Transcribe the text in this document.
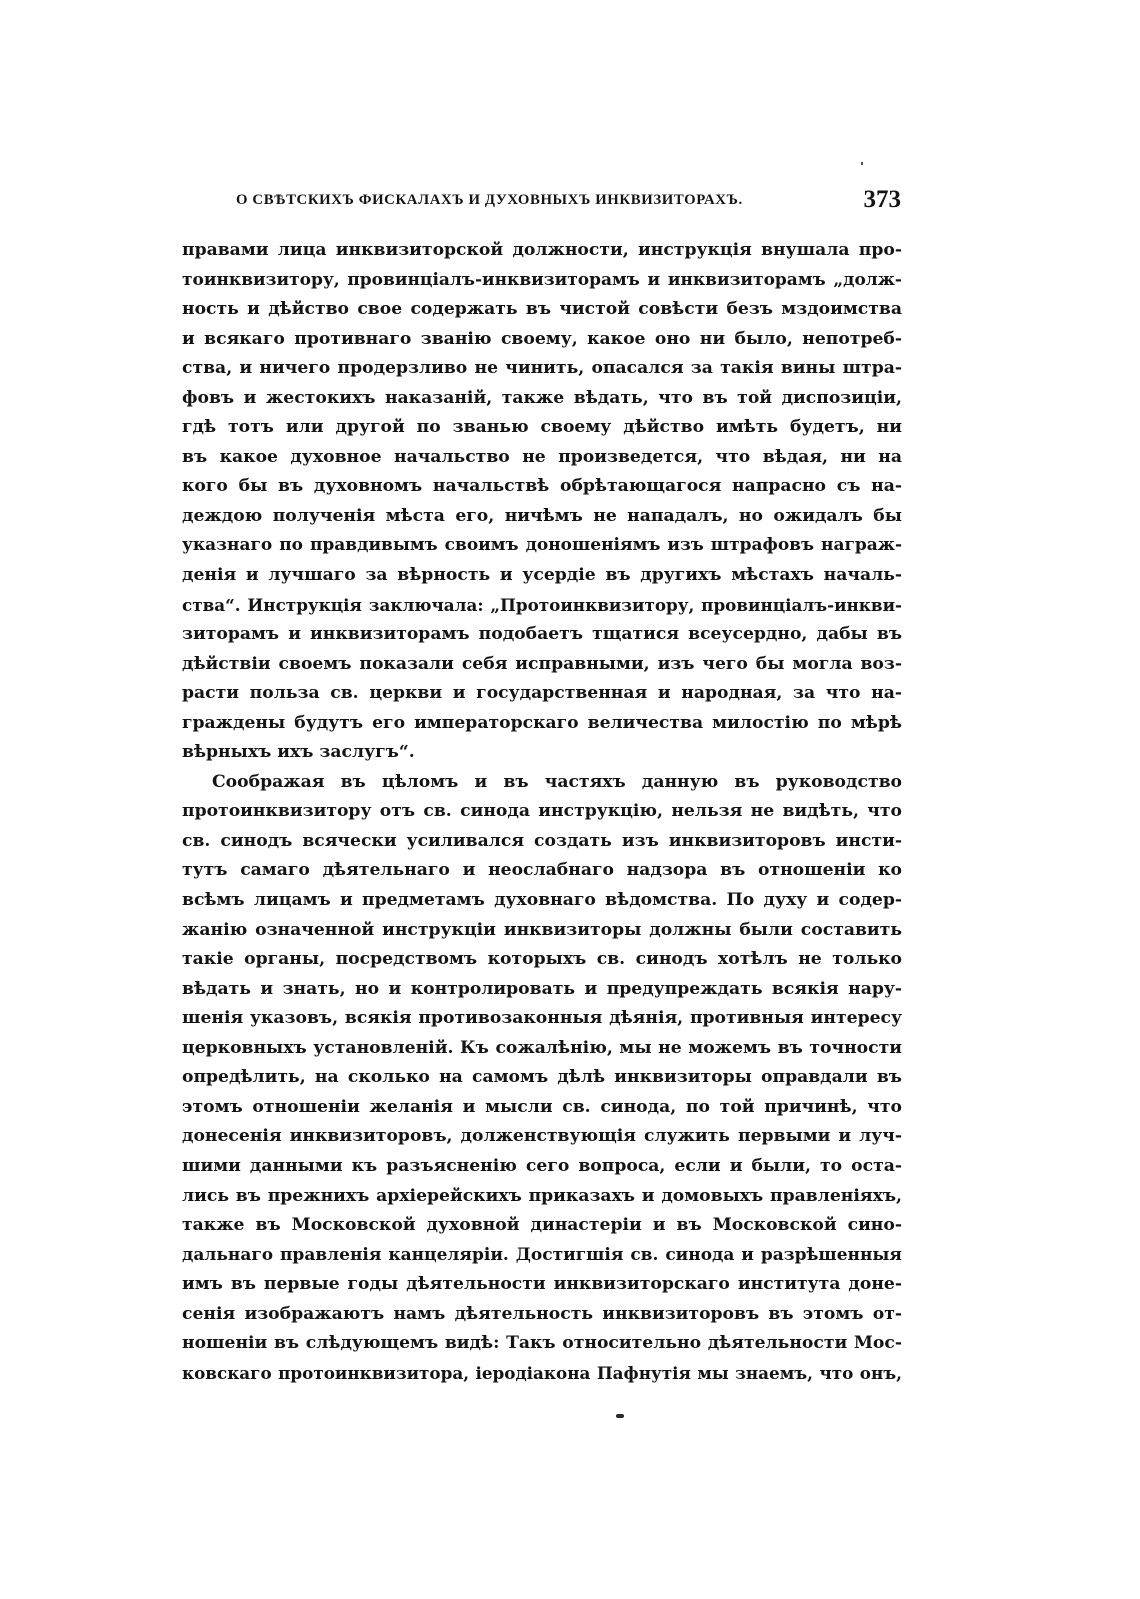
О СВѢТСКИХЪ ФИСКАЛАХЪ И ДУХОВНЫХЪ ИНКВИЗИТОРАХЪ.	373
правами лица инквизиторской должности, инструкція внушала про-
тоинквизитору, провинціалъ-инквизиторамъ и инквизиторамъ „долж-
ность и дѣйство свое содержать въ чистой совѣсти безъ мздоимства
и всякаго противнаго званію своему, какое оно ни было, непотреб-
ства, и ничего продерзливо не чинить, опасался за такія вины штра-
фовъ и жестокихъ наказаній, также вѣдать, что въ той диспозиціи,
гдѣ тотъ или другой по званью своему дѣйство имѣть будетъ, ни
въ какое духовное начальство не произведется, что вѣдая, ни на
кого бы въ духовномъ начальствѣ обрѣтающагося напрасно съ на-
деждою полученія мѣста его, ничѣмъ не нападалъ, но ожидалъ бы
указнаго по правдивымъ своимъ доношеніямъ изъ штрафовъ награж-
денія и лучшаго за вѣрность и усердіе въ другихъ мѣстахъ началь-
ства“. Инструкція заключала: „Протоинквизитору, провинціалъ-инкви-
зиторамъ и инквизиторамъ подобаетъ тщатися всеусердно, дабы въ
дѣйствіи своемъ показали себя исправными, изъ чего бы могла воз-
расти польза св. церкви и государственная и народная, за что на-
граждены будутъ его императорскаго величества милостію по мѣрѣ
вѣрныхъ ихъ заслугъ“.
Соображая въ цѣломъ и въ частяхъ данную въ руководство
протоинквизитору отъ св. синода инструкцію, нельзя не видѣть, что
св. синодъ всячески усиливался создать изъ инквизиторовъ инсти-
тутъ самаго дѣятельнаго и неослабнаго надзора въ отношеніи ко
всѣмъ лицамъ и предметамъ духовнаго вѣдомства. По духу и содер-
жанію означенной инструкціи инквизиторы должны были составить
такіе органы, посредствомъ которыхъ св. синодъ хотѣлъ не только
вѣдать и знать, но и контролировать и предупреждать всякія нару-
шенія указовъ, всякія противозаконныя дѣянія, противныя интересу
церковныхъ установленій. Къ сожалѣнію, мы не можемъ въ точности
опредѣлить, на сколько на самомъ дѣлѣ инквизиторы оправдали въ
этомъ отношеніи желанія и мысли св. синода, по той причинѣ, что
донесенія инквизиторовъ, долженствующія служить первыми и луч-
шими данными къ разъясненію сего вопроса, если и были, то оста-
лись въ прежнихъ архіерейскихъ приказахъ и домовыхъ правленіяхъ,
также въ Московской духовной династеріи и въ Московской сино-
дальнаго правленія канцеляріи. Достигшія св. синода и разрѣшенныя
имъ въ первые годы дѣятельности инквизиторскаго института доне-
сенія изображаютъ намъ дѣятельность инквизиторовъ въ этомъ от-
ношеніи въ слѣдующемъ видѣ: Такъ относительно дѣятельности Мос-
ковскаго протоинквизитора, іеродіакона Пафнутія мы знаемъ, что онъ,
